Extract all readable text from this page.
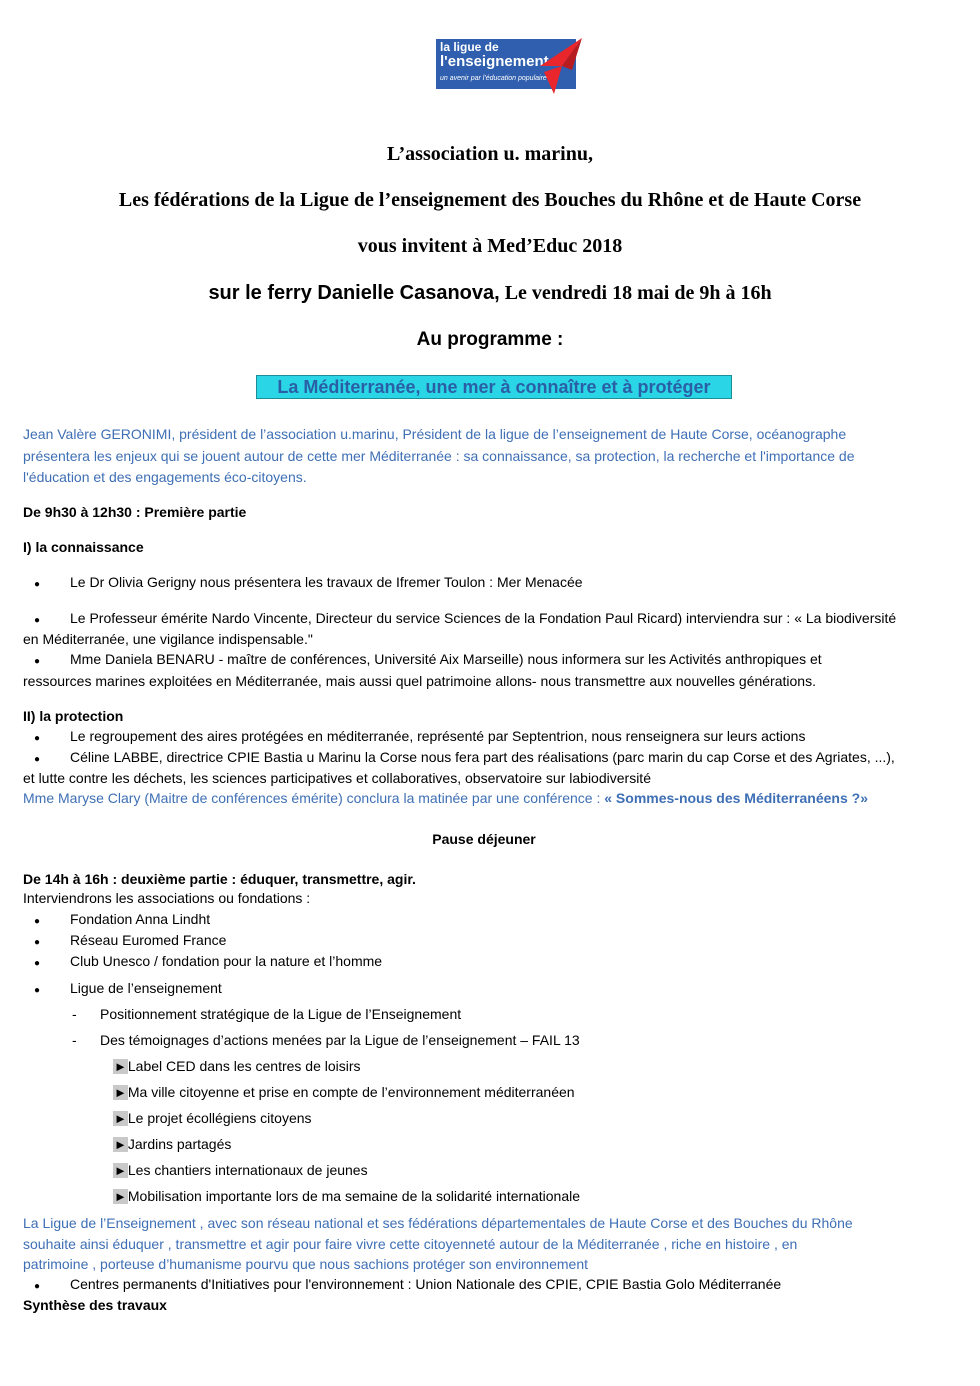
la ligue de
l'enseignement
un avenir par l'éducation populaire
L’association u. marinu,
Les fédérations de la Ligue de l’enseignement des Bouches du Rhône et de Haute Corse
vous invitent à Med’Educ 2018
sur le ferry Danielle Casanova, Le vendredi 18 mai de 9h à 16h
Au programme :
La Méditerranée, une mer à connaître et à protéger
Jean Valère GERONIMI, président de l’association u.marinu, Président de la ligue de l’enseignement de Haute Corse, océanographe
présentera les enjeux qui se jouent autour de cette mer Méditerranée : sa connaissance, sa protection, la recherche et l'importance de
l'éducation et des engagements éco-citoyens.
De 9h30 à 12h30 : Première partie
I) la connaissance
● Le Dr Olivia Gerigny nous présentera les travaux de Ifremer Toulon : Mer Menacée
● Le Professeur émérite Nardo Vincente, Directeur du service Sciences de la Fondation Paul Ricard) interviendra sur : « La biodiversité
en Méditerranée, une vigilance indispensable."
● Mme Daniela BENARU - maître de conférences, Université Aix Marseille) nous informera sur les Activités anthropiques et
ressources marines exploitées en Méditerranée, mais aussi quel patrimoine allons- nous transmettre aux nouvelles générations.
II) la protection
● Le regroupement des aires protégées en méditerranée, représenté par Septentrion, nous renseignera sur leurs actions
● Céline LABBE, directrice CPIE Bastia u Marinu la Corse nous fera part des réalisations (parc marin du cap Corse et des Agriates, ...),
et lutte contre les déchets, les sciences participatives et collaboratives, observatoire sur labiodiversité
Mme Maryse Clary (Maitre de conférences émérite) conclura la matinée par une conférence : « Sommes-nous des Méditerranéens ?»
Pause déjeuner
De 14h à 16h : deuxième partie : éduquer, transmettre, agir.
Interviendrons les associations ou fondations :
● Fondation Anna Lindht
● Réseau Euromed France
● Club Unesco / fondation pour la nature et l’homme
● Ligue de l’enseignement
- Positionnement stratégique de la Ligue de l’Enseignement
- Des témoignages d’actions menées par la Ligue de l’enseignement – FAIL 13
►Label CED dans les centres de loisirs
►Ma ville citoyenne et prise en compte de l’environnement méditerranéen
►Le projet écollégiens citoyens
►Jardins partagés
►Les chantiers internationaux de jeunes
►Mobilisation importante lors de ma semaine de la solidarité internationale
La Ligue de l’Enseignement , avec son réseau national et ses fédérations départementales de Haute Corse et des Bouches du Rhône
souhaite ainsi éduquer , transmettre et agir pour faire vivre cette citoyenneté autour de la Méditerranée , riche en histoire , en
patrimoine , porteuse d’humanisme pourvu que nous sachions protéger son environnement
● Centres permanents d'Initiatives pour l'environnement : Union Nationale des CPIE, CPIE Bastia Golo Méditerranée
Synthèse des travaux
